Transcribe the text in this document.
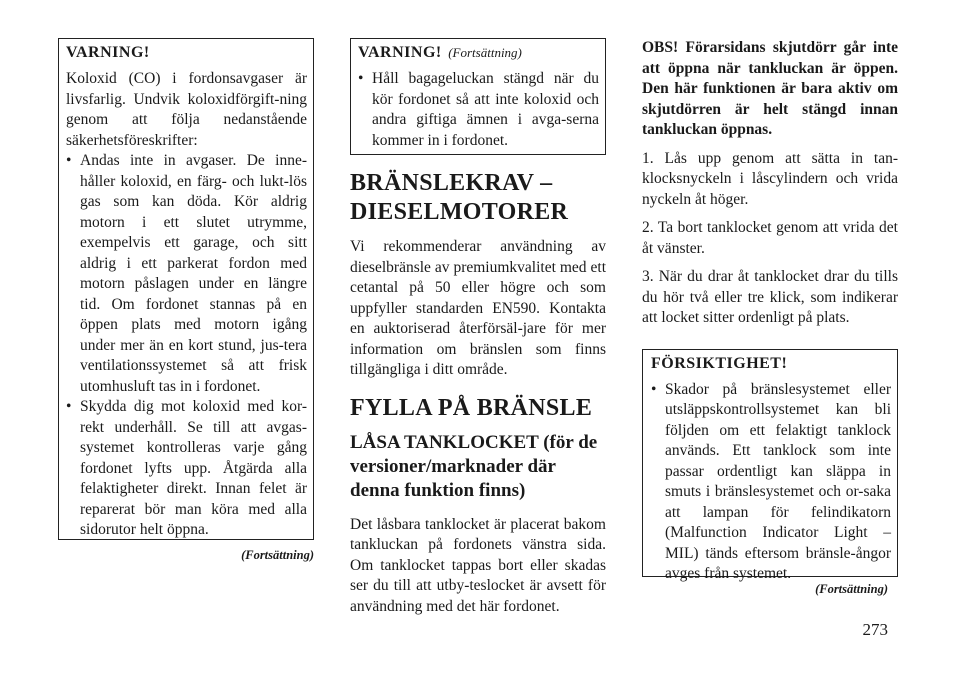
VARNING!

Koloxid (CO) i fordonsavgaser är livsfarlig. Undvik koloxidförgift-ning genom att följa nedanstående säkerhetsföreskrifter:

• Andas inte in avgaser. De inne-håller koloxid, en färg- och lukt-lös gas som kan döda. Kör aldrig motorn i ett slutet utrymme, exempelvis ett garage, och sitt aldrig i ett parkerat fordon med motorn påslagen under en längre tid. Om fordonet stannas på en öppen plats med motorn igång under mer än en kort stund, jus-tera ventilationssystemet så att frisk utomhusluft tas in i fordonet.
• Skydda dig mot koloxid med kor-rekt underhåll. Se till att avgas-systemet kontrolleras varje gång fordonet lyfts upp. Åtgärda alla felaktigheter direkt. Innan felet är reparerat bör man köra med alla sidorutor helt öppna.
(Fortsättning)
VARNING! (Fortsättning)
• Håll bagageluckan stängd när du kör fordonet så att inte koloxid och andra giftiga ämnen i avga-serna kommer in i fordonet.
BRÄNSLEKRAV – DIESELMOTORER

Vi rekommenderar användning av dieselbränsle av premiumkvalitet med ett cetantal på 50 eller högre och som uppfyller standarden EN590. Kontakta en auktoriserad återförsäl-jare för mer information om bränslen som finns tillgängliga i ditt område.

FYLLA PÅ BRÄNSLE
LÅSA TANKLOCKET (för de versioner/marknader där denna funktion finns)

Det låsbara tanklocket är placerat bakom tankluckan på fordonets vänstra sida. Om tanklocket tappas bort eller skadas ser du till att utby-teslocket är avsett för användning med det här fordonet.

OBS! Förarsidans skjutdörr går inte att öppna när tankluckan är öppen. Den här funktionen är bara aktiv om skjutdörren är helt stängd innan tankluckan öppnas.

1. Lås upp genom att sätta in tan-klocksnyckeln i låscylindern och vrida nyckeln åt höger.

2. Ta bort tanklocket genom att vrida det åt vänster.

3. När du drar åt tanklocket drar du tills du hör två eller tre klick, som indikerar att locket sitter ordenligt på plats.

FÖRSIKTIGHET!
• Skador på bränslesystemet eller utsläppskontrollsystemet kan bli följden om ett felaktigt tanklock används. Ett tanklock som inte passar ordentligt kan släppa in smuts i bränslesystemet och or-saka att lampan för felindikatorn (Malfunction Indicator Light – MIL) tänds eftersom bränsle-ångor avges från systemet.
(Fortsättning)
273
